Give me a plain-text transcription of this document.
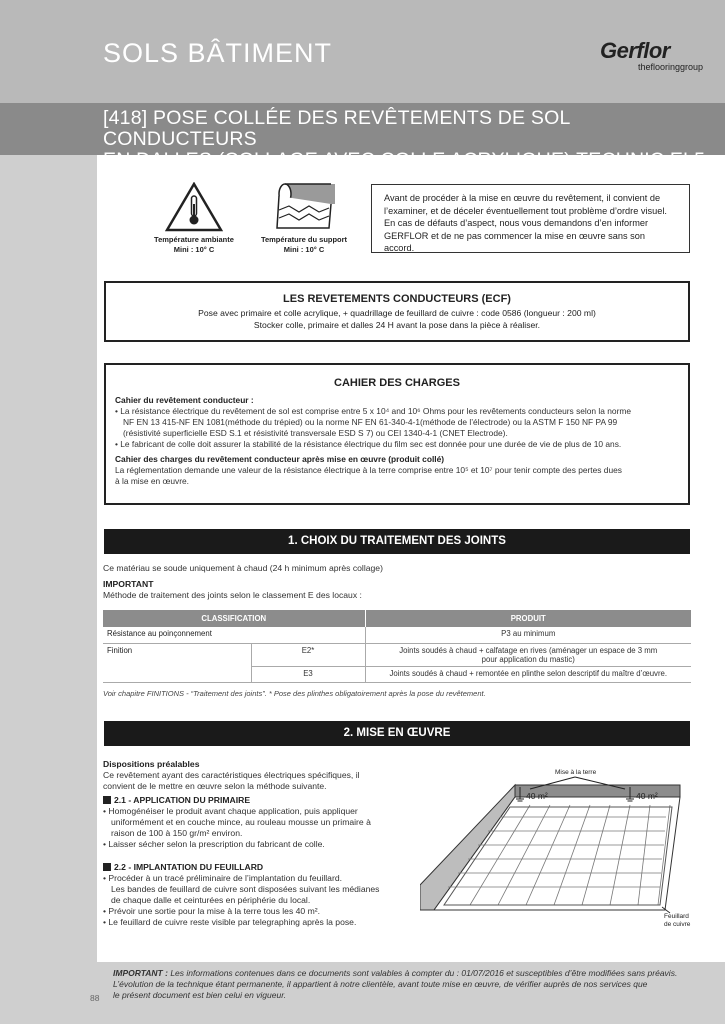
SOLS BÂTIMENT	Gerflor
theflooringgroup
[418] POSE COLLÉE DES REVÊTEMENTS DE SOL CONDUCTEURS
EN DALLES (COLLAGE AVEC COLLE ACRYLIQUE) TECHNIC EL5
Température ambiante
Mini : 10° C
Température du support
Mini : 10° C
Avant de procéder à la mise en œuvre du revêtement, il convient de
l’examiner, et de déceler éventuellement tout problème d’ordre visuel.
En cas de défauts d’aspect, nous vous demandons d’en informer
GERFLOR et de ne pas commencer la mise en œuvre sans son accord.
LES REVETEMENTS CONDUCTEURS (ECF)
Pose avec primaire et colle acrylique, + quadrillage de feuillard de cuivre : code 0586 (longueur : 200 ml)
Stocker colle, primaire et dalles 24 H avant la pose dans la pièce à réaliser.
CAHIER DES CHARGES
Cahier du revêtement conducteur :
• La résistance électrique du revêtement de sol est comprise entre 5 x 10⁴ and 10⁶ Ohms pour les revêtements conducteurs selon la norme
NF EN 13 415-NF EN 1081(méthode du trépied) ou la norme NF EN 61-340-4-1(méthode de l’électrode) ou la ASTM F 150 NF PA 99
(résistivité superficielle ESD S.1 et résistivité transversale ESD S 7) ou CEI 1340-4-1 (CNET Electrode).
• Le fabricant de colle doit assurer la stabilité de la résistance électrique du film sec est donnée pour une durée de vie de plus de 10 ans.
Cahier des charges du revêtement conducteur après mise en œuvre (produit collé)
La réglementation demande une valeur de la résistance électrique à la terre comprise entre 10⁵ et 10⁷ pour tenir compte des pertes dues
à la mise en œuvre.
1. CHOIX DU TRAITEMENT DES JOINTS
Ce matériau se soude uniquement à chaud (24 h minimum après collage)
IMPORTANT
Méthode de traitement des joints selon le classement E des locaux :
CLASSIFICATION		PRODUIT
Résistance au poinçonnement		P3 au minimum
Finition	E2*	Joints soudés à chaud + calfatage en rives (aménager un espace de 3 mm
pour application du mastic)

	E3	Joints soudés à chaud + remontée en plinthe selon descriptif du maître d’œuvre.
Voir chapitre FINITIONS - “Traitement des joints”. * Pose des plinthes obligatoirement après la pose du revêtement.
2. MISE EN ŒUVRE
Dispositions préalables
Ce revêtement ayant des caractéristiques électriques spécifiques, il
convient de le mettre en œuvre selon la méthode suivante.
2.1 - APPLICATION DU PRIMAIRE
• Homogénéiser le produit avant chaque application, puis appliquer
uniformément et en couche mince, au rouleau mousse un primaire à
raison de 100 à 150 gr/m² environ.
• Laisser sécher selon la prescription du fabricant de colle.
2.2 - IMPLANTATION DU FEUILLARD
• Procéder à un tracé préliminaire de l’implantation du feuillard.
Les bandes de feuillard de cuivre sont disposées suivant les médianes
de chaque dalle et ceinturées en périphérie du local.
• Prévoir une sortie pour la mise à la terre tous les 40 m².
• Le feuillard de cuivre reste visible par telegraphing après la pose.
Mise à la terre
40 m²	40 m²
Feuillard
de cuivre
IMPORTANT : Les informations contenues dans ce documents sont valables à compter du : 01/07/2016 et susceptibles d’être modifiées sans préavis.
L’évolution de la technique étant permanente, il appartient à notre clientèle, avant toute mise en œuvre, de vérifier auprès de nos services que
le présent document est bien celui en vigueur.
88
